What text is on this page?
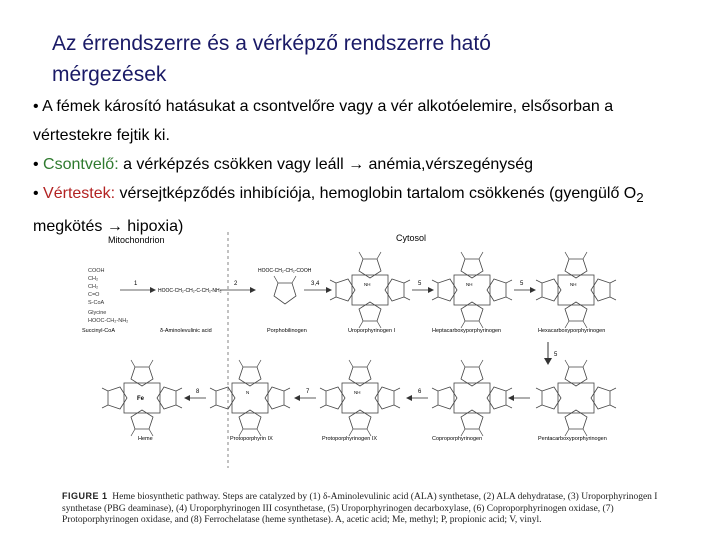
Az érrendszerre és a vérképző rendszerre ható
mérgezések

• A fémek károsító hatásukat a csontvelőre vagy a vér alkotóelemire, elsősorban a vértestekre fejtik ki.

• Csontvelő: a vérképzés csökken vagy leáll → anémia,vérszegénység

• Vértestek: vérsejtképződés inhibíciója, hemoglobin tartalom csökkenés (gyengülő $O_2$ megkötés → hipoxia)

Mitochondrion	Cytosol
COOH
CH₂
CH₂
C=O
S-CoA
Glycine
HOOC-CH₂-NH₂
Succinyl-CoA
1
HOOC-CH₂-CH₂-C-CH₂-NH₂
δ-Aminolevulinic acid
2
HOOC-CH₂-CH₂-COOH
Porphobilinogen
3,4
Uroporphyrinogen I
5
Heptacarboxyporphyrinogen
5
Hexacarboxyporphyrinogen
5
Pentacarboxyporphyrinogen
Coproporphyrinogen
6
Protoporphyrinogen IX
7
Protoporphyrin IX
8
Fe
Heme
NH	NH	NH
NH
N
FIGURE 1 Heme biosynthetic pathway. Steps are catalyzed by (1) δ-Aminolevulinic acid (ALA) synthetase, (2) ALA dehydratase, (3) Uroporphyrinogen I synthetase (PBG deaminase), (4) Uroporphyrinogen III cosynthetase, (5) Uroporphyrinogen decarboxylase, (6) Coproporphyrinogen oxidase, (7) Protoporphyrinogen oxidase, and (8) Ferrochelatase (heme synthetase). A, acetic acid; Me, methyl; P, propionic acid; V, vinyl.
